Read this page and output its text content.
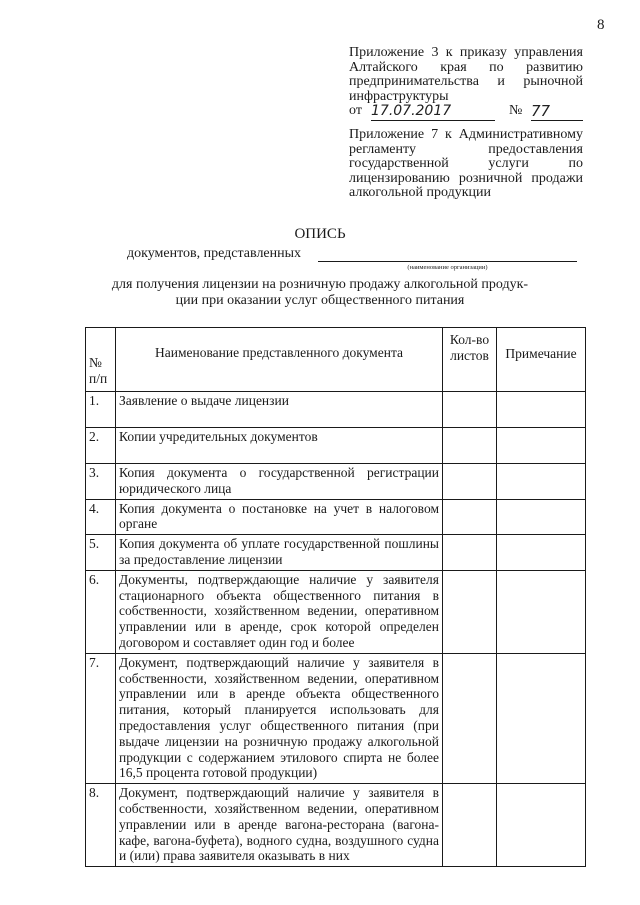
8

Приложение 3 к приказу управления Алтайского края по развитию предпринимательства и рыночной инфраструктуры

от 17.07.2017	№ 77

Приложение 7 к Административному регламенту предоставления государственной услуги по лицензированию розничной продажи алкогольной продукции

ОПИСЬ
документов, представленных
(наименование организации)

для получения лицензии на розничную продажу алкогольной продук-

ции при оказании услуг общественного питания

№ п/п	Наименование представленного документа	Кол-во листов	Примечание
1.	Заявление о выдаче лицензии		
2.	Копии учредительных документов		
3.	Копия документа о государственной регистрации юридического лица		
4.	Копия документа о постановке на учет в налоговом органе		
5.	Копия документа об уплате государственной пошлины за предоставление лицензии		
6.	Документы, подтверждающие наличие у заявителя стационарного объекта общественного питания в собственности, хозяйственном ведении, оперативном управлении или в аренде, срок которой определен договором и составляет один год и более		
7.	Документ, подтверждающий наличие у заявителя в собственности, хозяйственном ведении, оперативном управлении или в аренде объекта общественного питания, который планируется использовать для предоставления услуг общественного питания (при выдаче лицензии на розничную продажу алкогольной продукции с содержанием этилового спирта не более 16,5 процента готовой продукции)		
8.	Документ, подтверждающий наличие у заявителя в собственности, хозяйственном ведении, оперативном управлении или в аренде вагона-ресторана (вагона-кафе, вагона-буфета), водного судна, воздушного судна и (или) права заявителя оказывать в них		
